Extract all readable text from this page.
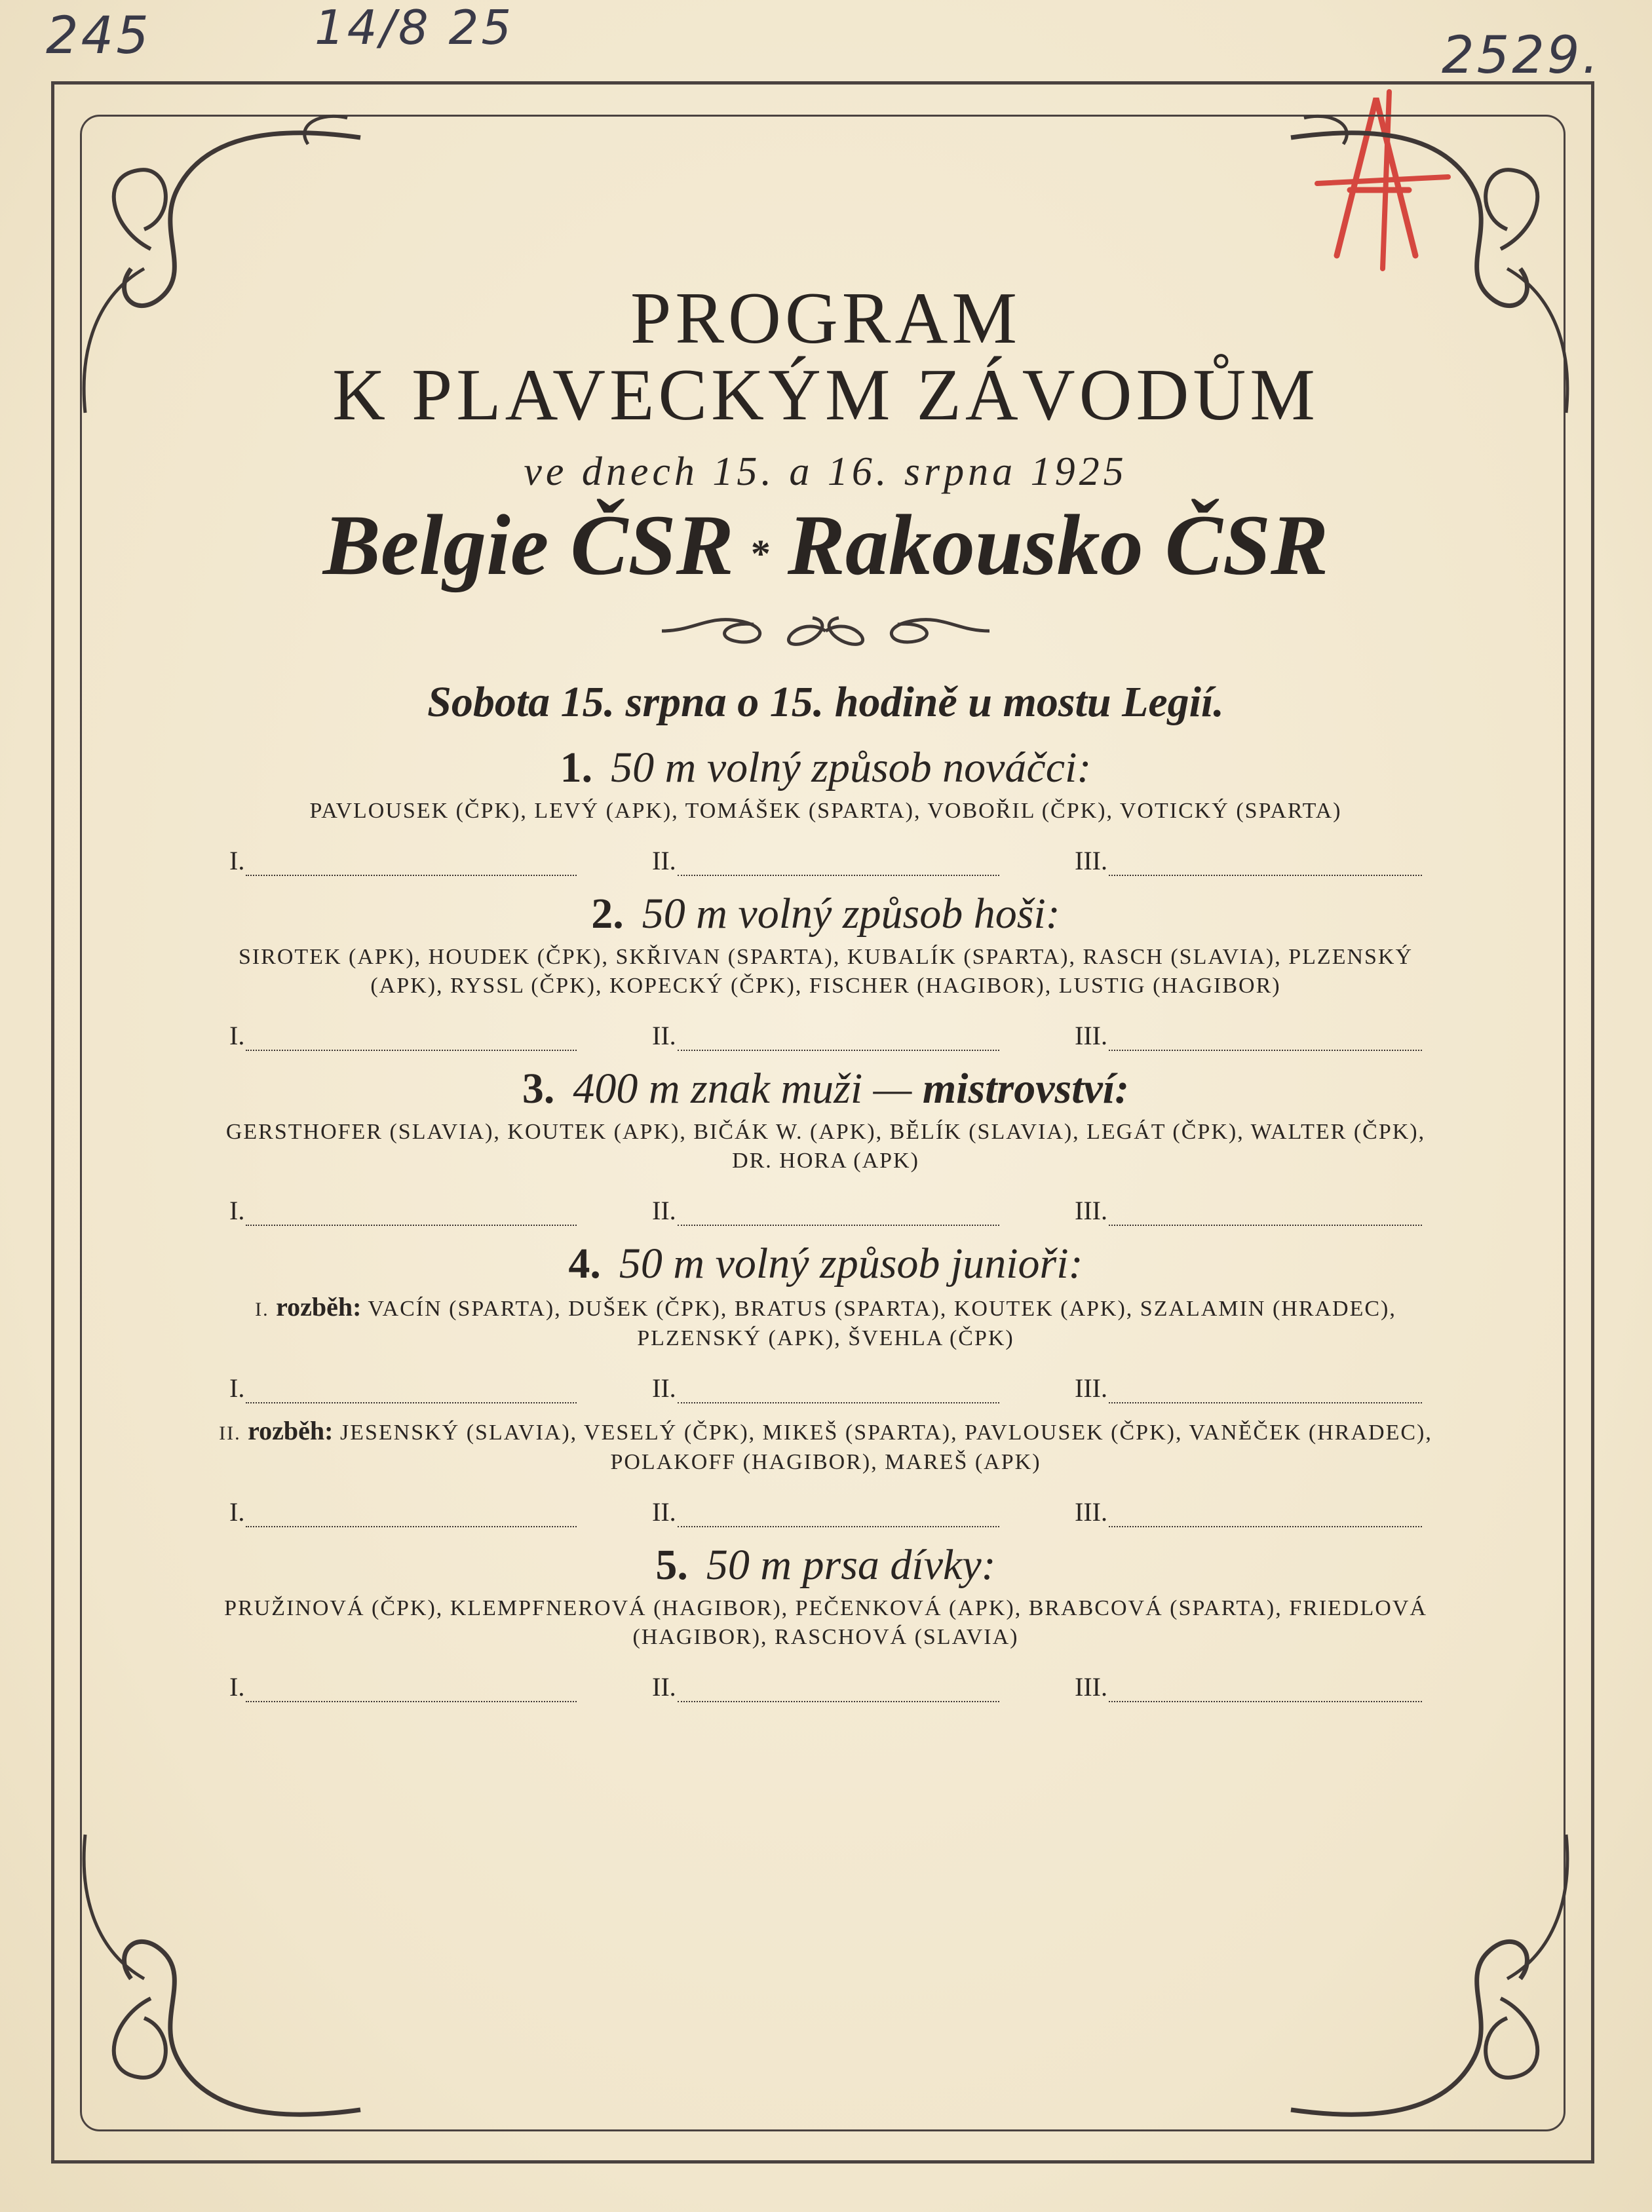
245	14/8 25	2529.
PROGRAM
K PLAVECKÝM ZÁVODŮM

ve dnech 15. a 16. srpna 1925

Belgie ČSR * Rakousko ČSR

Sobota 15. srpna o 15. hodině u mostu Legií.

1. 50 m volný způsob nováčci:

PAVLOUSEK (ČPK), LEVÝ (APK), TOMÁŠEK (SPARTA), VOBOŘIL (ČPK), VOTICKÝ (SPARTA)

I.	II.	III.

2. 50 m volný způsob hoši:

SIROTEK (APK), HOUDEK (ČPK), SKŘIVAN (SPARTA), KUBALÍK (SPARTA), RASCH (SLAVIA), PLZENSKÝ (APK), RYSSL (ČPK), KOPECKÝ (ČPK), FISCHER (HAGIBOR), LUSTIG (HAGIBOR)

I.	II.	III.

3. 400 m znak muži — mistrovství:

GERSTHOFER (SLAVIA), KOUTEK (APK), BIČÁK W. (APK), BĚLÍK (SLAVIA), LEGÁT (ČPK), WALTER (ČPK), DR. HORA (APK)

I.	II.	III.

4. 50 m volný způsob junioři:

I. rozběh: VACÍN (SPARTA), DUŠEK (ČPK), BRATUS (SPARTA), KOUTEK (APK), SZALAMIN (HRADEC), PLZENSKÝ (APK), ŠVEHLA (ČPK)

I.	II.	III.

II. rozběh: JESENSKÝ (SLAVIA), VESELÝ (ČPK), MIKEŠ (SPARTA), PAVLOUSEK (ČPK), VANĚČEK (HRADEC), POLAKOFF (HAGIBOR), MAREŠ (APK)

I.	II.	III.

5. 50 m prsa dívky:

PRUŽINOVÁ (ČPK), KLEMPFNEROVÁ (HAGIBOR), PEČENKOVÁ (APK), BRABCOVÁ (SPARTA), FRIEDLOVÁ (HAGIBOR), RASCHOVÁ (SLAVIA)

I.	II.	III.
